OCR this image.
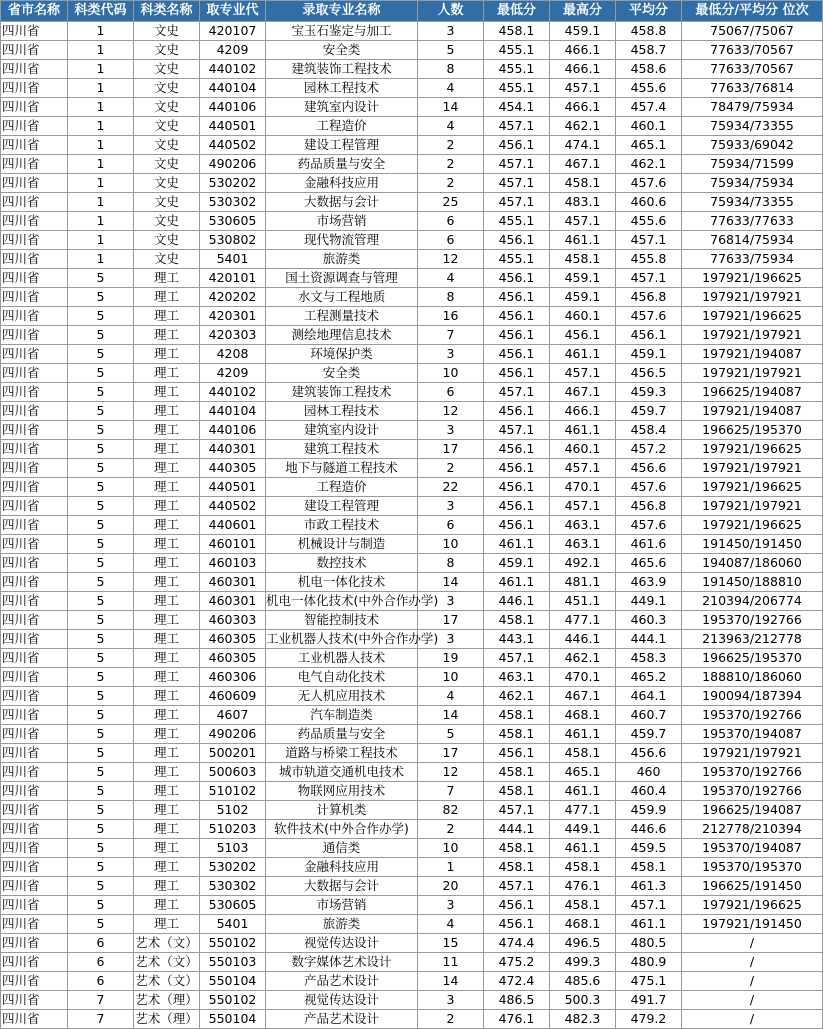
省市名称	科类代码	科类名称	取专业代	录取专业名称	人数	最低分	最高分	平均分	最低分/平均分 位次
四川省	1	文史	420107	宝玉石鉴定与加工	3	458.1	459.1	458.8	75067/75067
四川省	1	文史	4209	安全类	5	455.1	466.1	458.7	77633/70567
四川省	1	文史	440102	建筑装饰工程技术	8	455.1	466.1	458.6	77633/70567
四川省	1	文史	440104	园林工程技术	4	455.1	457.1	455.6	77633/76814
四川省	1	文史	440106	建筑室内设计	14	454.1	466.1	457.4	78479/75934
四川省	1	文史	440501	工程造价	4	457.1	462.1	460.1	75934/73355
四川省	1	文史	440502	建设工程管理	2	456.1	474.1	465.1	75933/69042
四川省	1	文史	490206	药品质量与安全	2	457.1	467.1	462.1	75934/71599
四川省	1	文史	530202	金融科技应用	2	457.1	458.1	457.6	75934/75934
四川省	1	文史	530302	大数据与会计	25	457.1	483.1	460.6	75934/73355
四川省	1	文史	530605	市场营销	6	455.1	457.1	455.6	77633/77633
四川省	1	文史	530802	现代物流管理	6	456.1	461.1	457.1	76814/75934
四川省	1	文史	5401	旅游类	12	455.1	458.1	455.8	77633/75934
四川省	5	理工	420101	国土资源调查与管理	4	456.1	459.1	457.1	197921/196625
四川省	5	理工	420202	水文与工程地质	8	456.1	459.1	456.8	197921/197921
四川省	5	理工	420301	工程测量技术	16	456.1	460.1	457.6	197921/196625
四川省	5	理工	420303	测绘地理信息技术	7	456.1	456.1	456.1	197921/197921
四川省	5	理工	4208	环境保护类	3	456.1	461.1	459.1	197921/194087
四川省	5	理工	4209	安全类	10	456.1	457.1	456.5	197921/197921
四川省	5	理工	440102	建筑装饰工程技术	6	457.1	467.1	459.3	196625/194087
四川省	5	理工	440104	园林工程技术	12	456.1	466.1	459.7	197921/194087
四川省	5	理工	440106	建筑室内设计	3	457.1	461.1	458.4	196625/195370
四川省	5	理工	440301	建筑工程技术	17	456.1	460.1	457.2	197921/196625
四川省	5	理工	440305	地下与隧道工程技术	2	456.1	457.1	456.6	197921/197921
四川省	5	理工	440501	工程造价	22	456.1	470.1	457.6	197921/196625
四川省	5	理工	440502	建设工程管理	3	456.1	457.1	456.8	197921/197921
四川省	5	理工	440601	市政工程技术	6	456.1	463.1	457.6	197921/196625
四川省	5	理工	460101	机械设计与制造	10	461.1	463.1	461.6	191450/191450
四川省	5	理工	460103	数控技术	8	459.1	492.1	465.6	194087/186060
四川省	5	理工	460301	机电一体化技术	14	461.1	481.1	463.9	191450/188810
四川省	5	理工	460301	机电一体化技术(中外合作办学)	3	446.1	451.1	449.1	210394/206774
四川省	5	理工	460303	智能控制技术	17	458.1	477.1	460.3	195370/192766
四川省	5	理工	460305	工业机器人技术(中外合作办学)	3	443.1	446.1	444.1	213963/212778
四川省	5	理工	460305	工业机器人技术	19	457.1	462.1	458.3	196625/195370
四川省	5	理工	460306	电气自动化技术	10	463.1	470.1	465.2	188810/186060
四川省	5	理工	460609	无人机应用技术	4	462.1	467.1	464.1	190094/187394
四川省	5	理工	4607	汽车制造类	14	458.1	468.1	460.7	195370/192766
四川省	5	理工	490206	药品质量与安全	5	458.1	461.1	459.7	195370/194087
四川省	5	理工	500201	道路与桥梁工程技术	17	456.1	458.1	456.6	197921/197921
四川省	5	理工	500603	城市轨道交通机电技术	12	458.1	465.1	460	195370/192766
四川省	5	理工	510102	物联网应用技术	7	458.1	461.1	460.4	195370/192766
四川省	5	理工	5102	计算机类	82	457.1	477.1	459.9	196625/194087
四川省	5	理工	510203	软件技术(中外合作办学)	2	444.1	449.1	446.6	212778/210394
四川省	5	理工	5103	通信类	10	458.1	461.1	459.5	195370/194087
四川省	5	理工	530202	金融科技应用	1	458.1	458.1	458.1	195370/195370
四川省	5	理工	530302	大数据与会计	20	457.1	476.1	461.3	196625/191450
四川省	5	理工	530605	市场营销	3	456.1	458.1	457.1	197921/196625
四川省	5	理工	5401	旅游类	4	456.1	468.1	461.1	197921/191450
四川省	6	艺术（文）	550102	视觉传达设计	15	474.4	496.5	480.5	/
四川省	6	艺术（文）	550103	数字媒体艺术设计	11	475.2	499.3	480.9	/
四川省	6	艺术（文）	550104	产品艺术设计	14	472.4	485.6	475.1	/
四川省	7	艺术（理）	550102	视觉传达设计	3	486.5	500.3	491.7	/
四川省	7	艺术（理）	550104	产品艺术设计	2	476.1	482.3	479.2	/
